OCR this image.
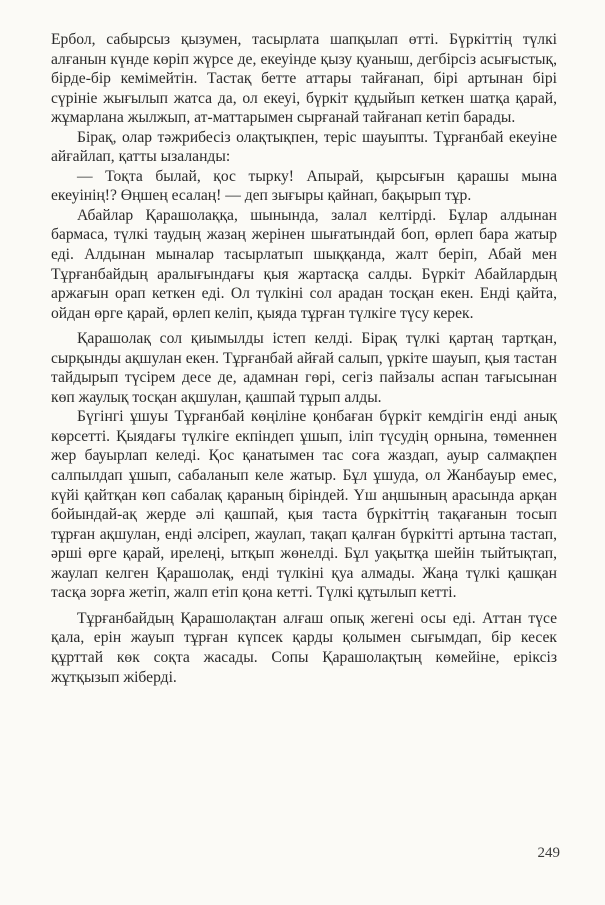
Ербол, сабырсыз қызумен, тасырлата шапқылап өтті. Бүркіттің түлкі алғанын күнде көріп жүрсе де, екеуінде қызу қуаныш, дегбірсіз асығыстық, бірде-бір кемімейтін. Тастақ бетте аттары тайғанап, бірі артынан бірі сүрініе жығылып жатса да, ол екеуі, бүркіт құдыйып кеткен шатқа қарай, жұмарлана жылжып, ат-маттарымен сырғанай тайғанап кетіп барады.

Бірақ, олар тәжрибесіз олақтықпен, теріс шауыпты. Тұрғанбай екеуіне айғайлап, қатты ызаланды:

— Тоқта былай, қос тырку! Апырай, қырсығын қарашы мына екеуінің!? Өңшең есалаң! — деп зығыры қайнап, бақырып тұр.

Абайлар Қарашолаққа, шынында, залал келтірді. Бұлар алдынан бармаса, түлкі таудың жазаң жерінен шығатындай боп, өрлеп бара жатыр еді. Алдынан мыналар тасырлатып шыққанда, жалт беріп, Абай мен Тұрғанбайдың аралығындағы қыя жартасқа салды. Бүркіт Абайлардың аржағын орап кеткен еді. Ол түлкіні сол арадан тосқан екен. Енді қайта, ойдан өрге қарай, өрлеп келіп, қыяда тұрған түлкіге түсу керек.

Қарашолақ сол қиымылды істеп келді. Бірақ түлкі қартаң тартқан, сырқынды ақшулан екен. Тұрғанбай айғай салып, үркіте шауып, қыя тастан тайдырып түсірем десе де, адамнан гөрі, сегіз пайзалы аспан тағысынан көп жаулық тосқан ақшулан, қашпай тұрып алды.

Бүгінгі ұшуы Тұрғанбай көңіліне қонбаған бүркіт кемдігін енді анық көрсетті. Қыядағы түлкіге екпіндеп ұшып, іліп түсудің орнына, төменнен жер бауырлап келеді. Қос қанатымен тас соға жаздап, ауыр салмақпен салпылдап ұшып, сабаланып келе жатыр. Бұл ұшуда, ол Жанбауыр емес, күйі қайтқан көп сабалақ қараның біріндей. Үш аңшының арасында арқан бойындай-ақ жерде әлі қашпай, қыя таста бүркіттің тақағанын тосып тұрған ақшулан, енді әлсіреп, жаулап, тақап қалған бүркітті артына тастап, әрші өрге қарай, ирелеңі, ытқып жөнелді. Бұл уақытқа шейін тыйтықтап, жаулап келген Қарашолақ, енді түлкіні қуа алмады. Жаңа түлкі қашқан тасқа зорға жетіп, жалп етіп қона кетті. Түлкі құтылып кетті.

Тұрғанбайдың Қарашолақтан алғаш опық жегені осы еді. Аттан түсе қала, ерін жауып тұрған күпсек қарды қолымен сығымдап, бір кесек құрттай көк соқта жасады. Сопы Қарашолақтың көмейіне, еріксіз жұтқызып жіберді.

249
